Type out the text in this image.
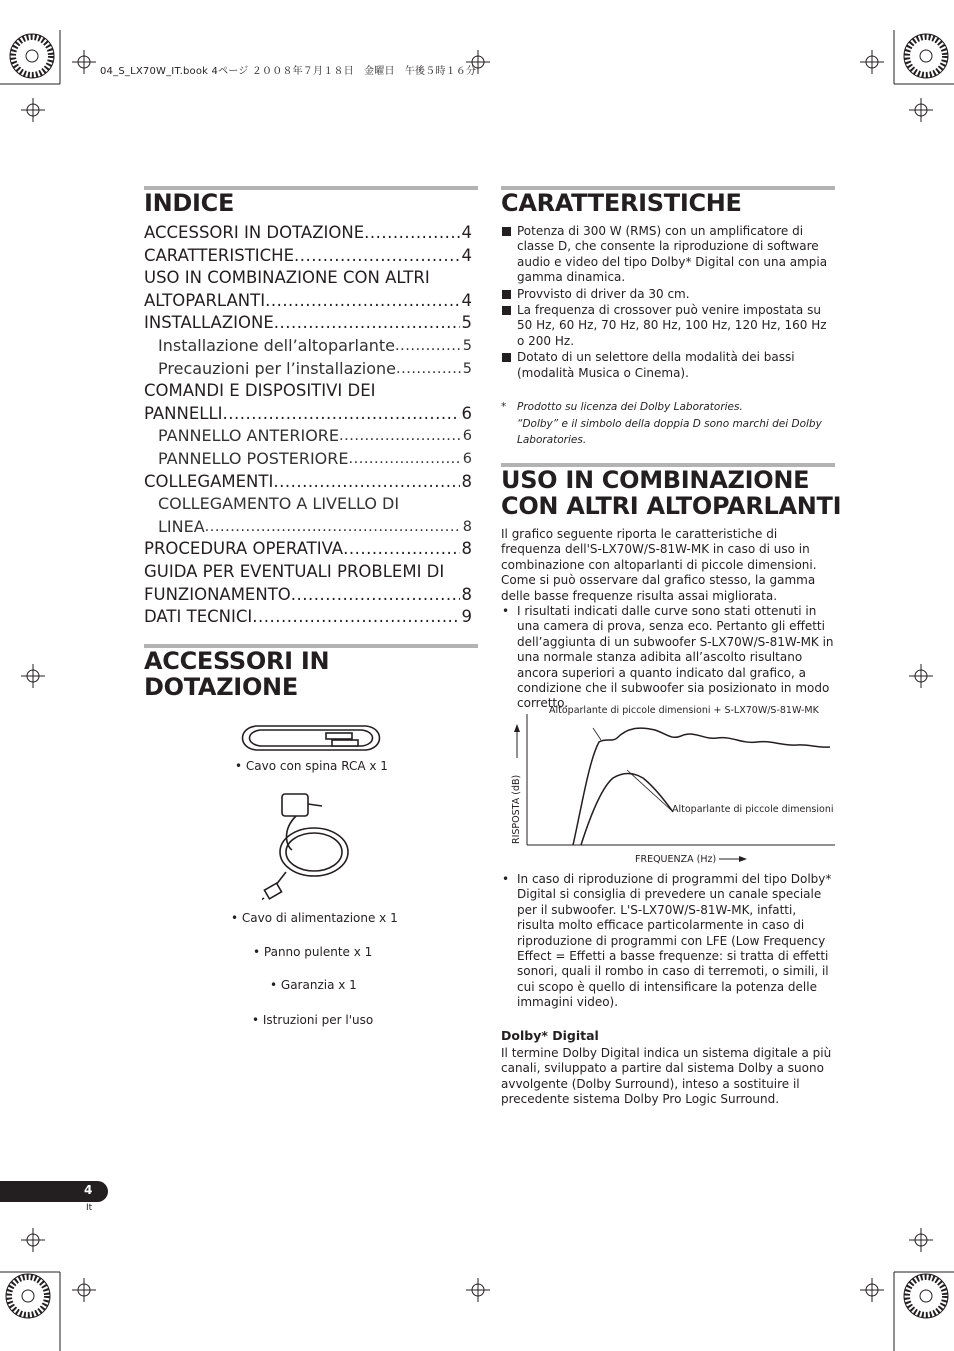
04_S_LX70W_IT.book 4ページ ２００８年７月１８日　金曜日　午後５時１６分
INDICE
ACCESSORI IN DOTAZIONE .....	4
CARATTERISTICHE .....	4
USO IN COMBINAZIONE CON ALTRI
ALTOPARLANTI .....	4
INSTALLAZIONE .....	5
Installazione dell’altoparlante .....	5
Precauzioni per l’installazione .....	5
COMANDI E DISPOSITIVI DEI
PANNELLI .....	6
PANNELLO ANTERIORE .....	6
PANNELLO POSTERIORE .....	6
COLLEGAMENTI .....	8
COLLEGAMENTO A LIVELLO DI
LINEA .....	8
PROCEDURA OPERATIVA .....	8
GUIDA PER EVENTUALI PROBLEMI DI
FUNZIONAMENTO .....	8
DATI TECNICI .....	9
ACCESSORI IN
DOTAZIONE
• Cavo con spina RCA x 1
• Cavo di alimentazione x 1
• Panno pulente x 1
• Garanzia x 1
• Istruzioni per l'uso
CARATTERISTICHE
Potenza di 300 W (RMS) con un amplificatore di classe D, che consente la riproduzione di software audio e video del tipo Dolby* Digital con una ampia gamma dinamica.
Provvisto di driver da 30 cm.
La frequenza di crossover può venire impostata su 50 Hz, 60 Hz, 70 Hz, 80 Hz, 100 Hz, 120 Hz, 160 Hz o 200 Hz.
Dotato di un selettore della modalità dei bassi (modalità Musica o Cinema).
* Prodotto su licenza dei Dolby Laboratories.
“Dolby” e il simbolo della doppia D sono marchi dei Dolby Laboratories.
USO IN COMBINAZIONE
CON ALTRI ALTOPARLANTI
Il grafico seguente riporta le caratteristiche di frequenza dell'S-LX70W/S-81W-MK in caso di uso in combinazione con altoparlanti di piccole dimensioni. Come si può osservare dal grafico stesso, la gamma delle basse frequenze risulta assai migliorata.
• I risultati indicati dalle curve sono stati ottenuti in una camera di prova, senza eco. Pertanto gli effetti dell’aggiunta di un subwoofer S-LX70W/S-81W-MK in una normale stanza adibita all’ascolto risultano ancora superiori a quanto indicato dal grafico, a condizione che il subwoofer sia posizionato in modo corretto.
Altoparlante di piccole dimensioni + S-LX70W/S-81W-MK
Altoparlante di piccole dimensioni
RISPOSTA (dB)
FREQUENZA (Hz)
• In caso di riproduzione di programmi del tipo Dolby* Digital si consiglia di prevedere un canale speciale per il subwoofer. L'S-LX70W/S-81W-MK, infatti, risulta molto efficace particolarmente in caso di riproduzione di programmi con LFE (Low Frequency Effect = Effetti a basse frequenze: si tratta di effetti sonori, quali il rombo in caso di terremoti, o simili, il cui scopo è quello di intensificare la potenza delle immagini video).
Dolby* Digital
Il termine Dolby Digital indica un sistema digitale a più canali, sviluppato a partire dal sistema Dolby a suono avvolgente (Dolby Surround), inteso a sostituire il precedente sistema Dolby Pro Logic Surround.
4
It
